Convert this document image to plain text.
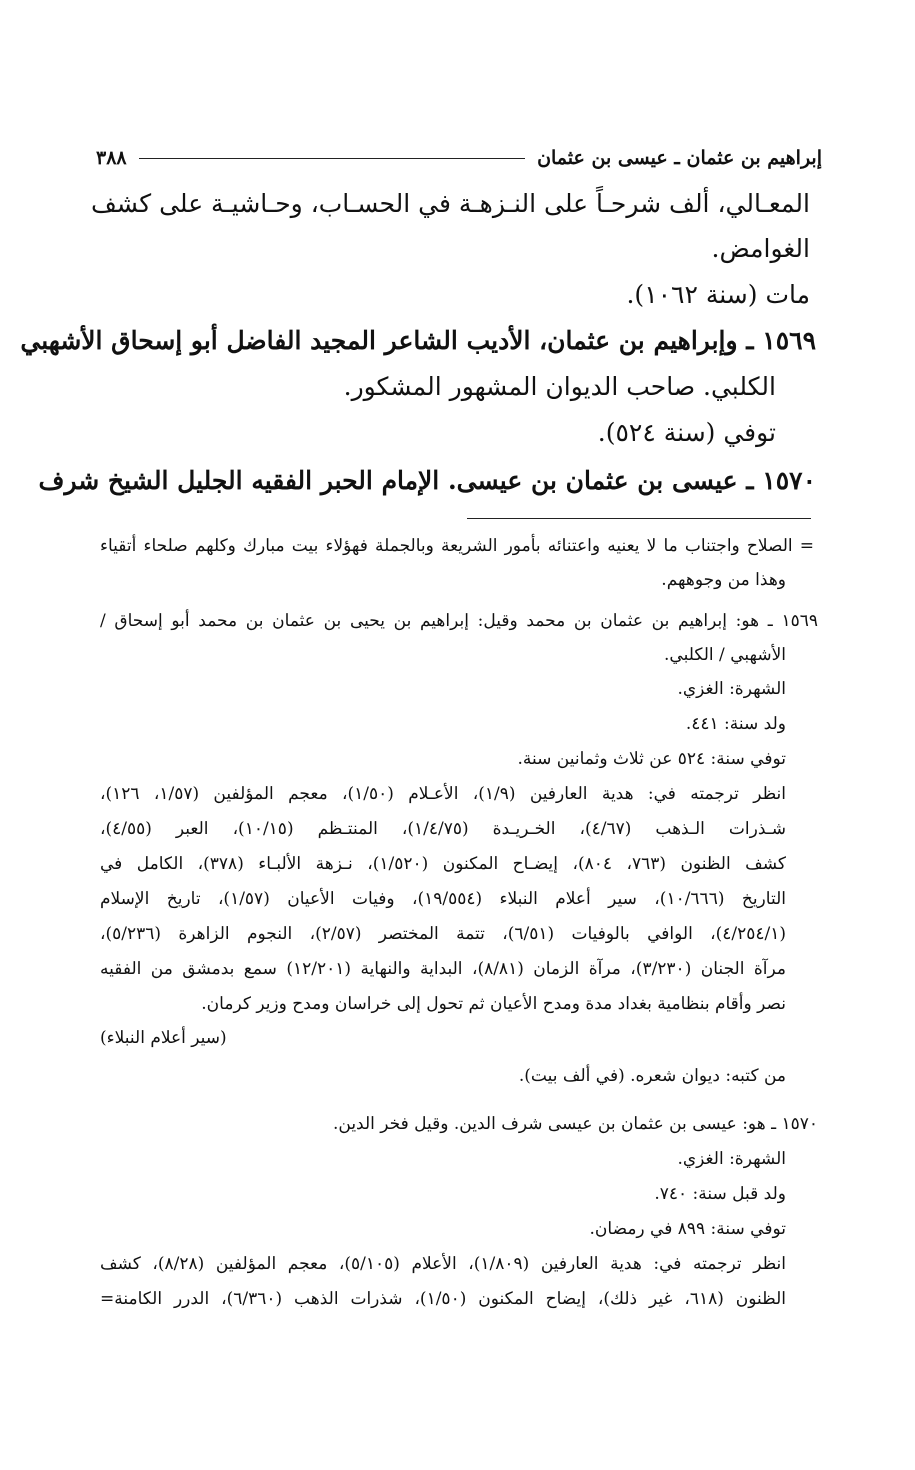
إبراهيم بن عثمان ـ عيسى بن عثمان
٣٨٨
المعـالي، ألف شرحـاً على النـزهـة في الحسـاب، وحـاشيـة على كشف
الغوامض.
مات (سنة ١٠٦٢).
١٥٦٩ ـ وإبراهيم بن عثمان، الأديب الشاعر المجيد الفاضل أبو إسحاق الأشهبي
الكلبي. صاحب الديوان المشهور المشكور.
توفي (سنة ٥٢٤).
١٥٧٠ ـ عيسى بن عثمان بن عيسى. الإمام الحبر الفقيه الجليل الشيخ شرف
= الصلاح واجتناب ما لا يعنيه واعتنائه بأمور الشريعة وبالجملة فهؤلاء بيت مبارك وكلهم صلحاء أتقياء
وهذا من وجوههم.
١٥٦٩ ـ هو: إبراهيم بن عثمان بن محمد وقيل: إبراهيم بن يحيى بن عثمان بن محمد أبو إسحاق /
الأشهبي / الكلبي.
الشهرة: الغزي.
ولد سنة: ٤٤١.
توفي سنة: ٥٢٤ عن ثلاث وثمانين سنة.
انظر ترجمته في: هدية العارفين (١/٩)، الأعـلام (١/٥٠)، معجم المؤلفين (١/٥٧، ١٢٦)،
شـذرات الـذهب (٤/٦٧)، الخـريـدة (١/٤/٧٥)، المنتـظم (١٠/١٥)، العبر (٤/٥٥)،
كشف الظنون (٧٦٣، ٨٠٤)، إيضـاح المكنون (١/٥٢٠)، نـزهة الألبـاء (٣٧٨)، الكامل في
التاريخ (١٠/٦٦٦)، سير أعلام النبلاء (١٩/٥٥٤)، وفيات الأعيان (١/٥٧)، تاريخ الإسلام
(٤/٢٥٤/١)، الوافي بالوفيات (٦/٥١)، تتمة المختصر (٢/٥٧)، النجوم الزاهرة (٥/٢٣٦)،
مرآة الجنان (٣/٢٣٠)، مرآة الزمان (٨/٨١)، البداية والنهاية (١٢/٢٠١) سمع بدمشق من الفقيه
نصر وأقام بنظامية بغداد مدة ومدح الأعيان ثم تحول إلى خراسان ومدح وزير كرمان.
(سير أعلام النبلاء)
من كتبه: ديوان شعره. (في ألف بيت).
١٥٧٠ ـ هو: عيسى بن عثمان بن عيسى شرف الدين. وقيل فخر الدين.
الشهرة: الغزي.
ولد قبل سنة: ٧٤٠.
توفي سنة: ٨٩٩ في رمضان.
انظر ترجمته في: هدية العارفين (١/٨٠٩)، الأعلام (٥/١٠٥)، معجم المؤلفين (٨/٢٨)، كشف
الظنون (٦١٨، غير ذلك)، إيضاح المكنون (١/٥٠)، شذرات الذهب (٦/٣٦٠)، الدرر الكامنة=
